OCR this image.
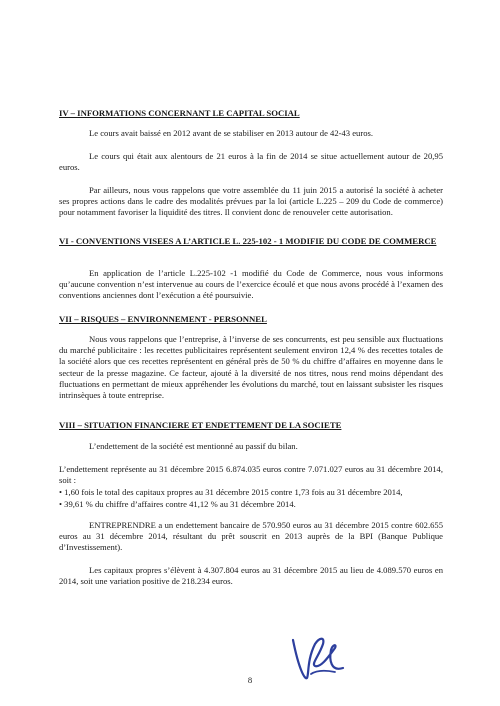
IV – INFORMATIONS CONCERNANT LE CAPITAL SOCIAL

Le cours avait baissé en 2012 avant de se stabiliser en 2013 autour de 42-43 euros.

Le cours qui était aux alentours de 21 euros à la fin de 2014 se situe actuellement autour de 20,95 euros.

Par ailleurs, nous vous rappelons que votre assemblée du 11 juin 2015 a autorisé la société à acheter ses propres actions dans le cadre des modalités prévues par la loi (article L.225 – 209 du Code de commerce) pour notamment favoriser la liquidité des titres. Il convient donc de renouveler cette autorisation.

VI - CONVENTIONS VISEES A L’ARTICLE L. 225-102 - 1 MODIFIE DU CODE DE COMMERCE

En application de l’article L.225-102 -1 modifié du Code de Commerce, nous vous informons qu’aucune convention n’est intervenue au cours de l’exercice écoulé et que nous avons procédé à l’examen des conventions anciennes dont l’exécution a été poursuivie.

VII – RISQUES – ENVIRONNEMENT - PERSONNEL

Nous vous rappelons que l’entreprise, à l’inverse de ses concurrents, est peu sensible aux fluctuations du marché publicitaire : les recettes publicitaires représentent seulement environ 12,4 % des recettes totales de la société alors que ces recettes représentent en général près de 50 % du chiffre d’affaires en moyenne dans le secteur de la presse magazine. Ce facteur, ajouté à la diversité de nos titres, nous rend moins dépendant des fluctuations en permettant de mieux appréhender les évolutions du marché, tout en laissant subsister les risques intrinsèques à toute entreprise.

VIII – SITUATION FINANCIERE ET ENDETTEMENT DE LA SOCIETE

L’endettement de la société est mentionné au passif du bilan.

L’endettement représente au 31 décembre 2015 6.874.035 euros contre 7.071.027 euros au 31 décembre 2014, soit :

• 1,60 fois le total des capitaux propres au 31 décembre 2015 contre 1,73 fois au 31 décembre 2014,

• 39,61 % du chiffre d’affaires contre 41,12 % au 31 décembre 2014.

ENTREPRENDRE a un endettement bancaire de 570.950 euros au 31 décembre 2015 contre 602.655 euros au 31 décembre 2014, résultant du prêt souscrit en 2013 auprès de la BPI (Banque Publique d’Investissement).

Les capitaux propres s’élèvent à 4.307.804 euros au 31 décembre 2015 au lieu de 4.089.570 euros en 2014, soit une variation positive de 218.234 euros.

8
